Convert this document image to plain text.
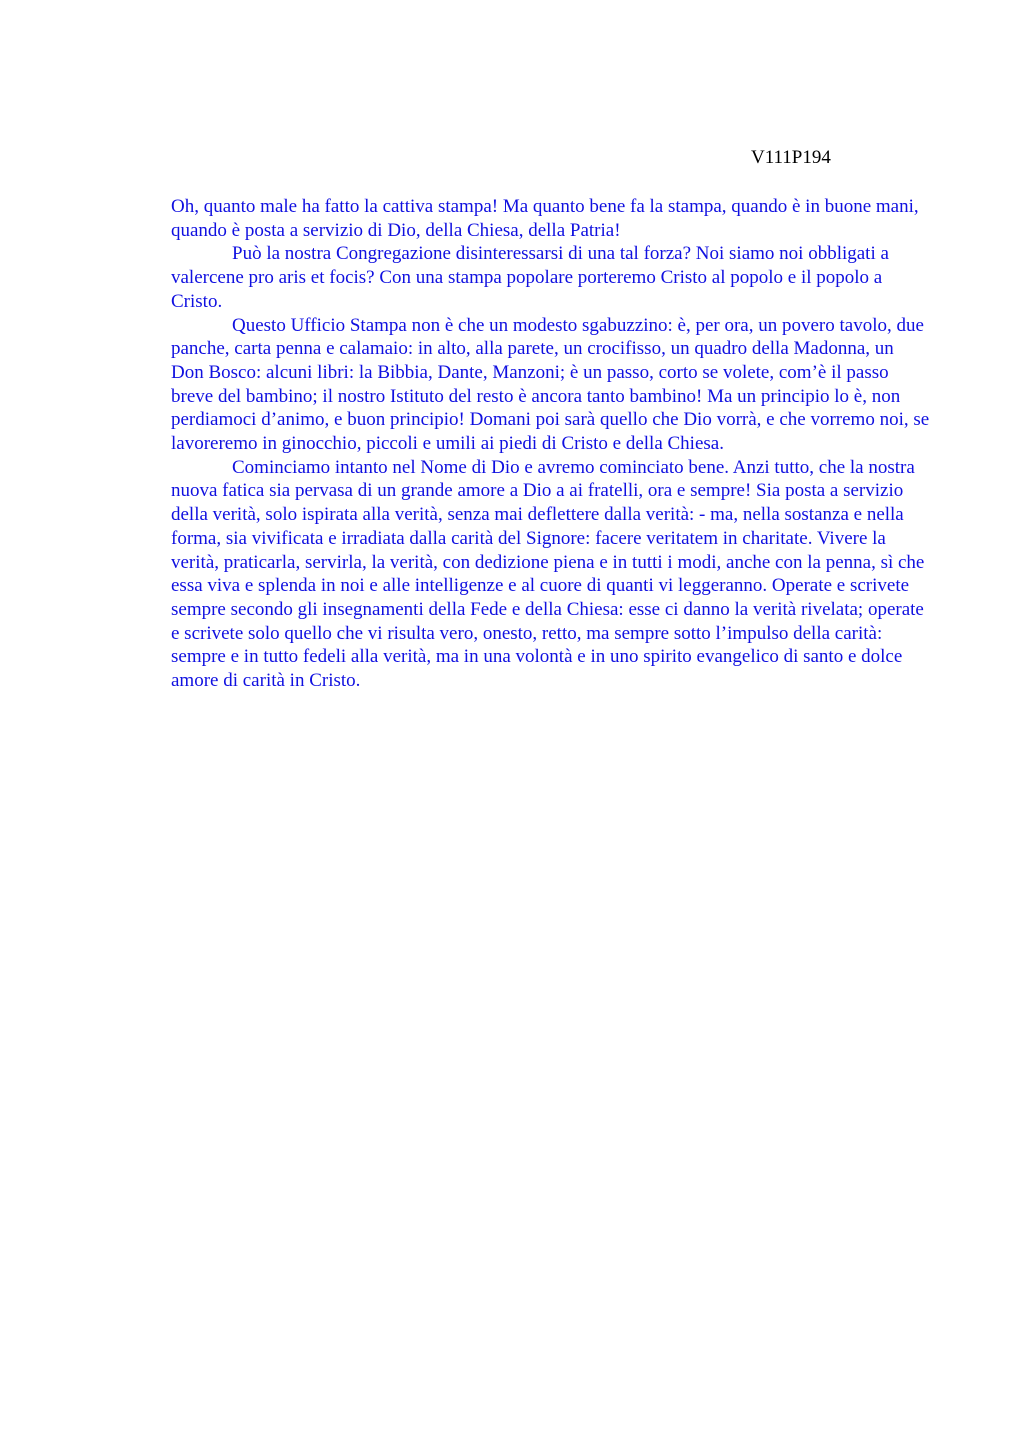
V111P194

Oh, quanto male ha fatto la cattiva stampa! Ma quanto bene fa la stampa, quando è in buone mani, quando è posta a servizio di Dio, della Chiesa, della Patria!

Può la nostra Congregazione disinteressarsi di una tal forza? Noi siamo noi obbligati a valercene pro aris et focis? Con una stampa popolare porteremo Cristo al popolo e il popolo a Cristo.

Questo Ufficio Stampa non è che un modesto sgabuzzino: è, per ora, un povero tavolo, due panche, carta penna e calamaio: in alto, alla parete, un crocifisso, un quadro della Madonna, un Don Bosco: alcuni libri: la Bibbia, Dante, Manzoni; è un passo, corto se volete, com’è il passo breve del bambino; il nostro Istituto del resto è ancora tanto bambino! Ma un principio lo è, non perdiamoci d’animo, e buon principio! Domani poi sarà quello che Dio vorrà, e che vorremo noi, se lavoreremo in ginocchio, piccoli e umili ai piedi di Cristo e della Chiesa.

Cominciamo intanto nel Nome di Dio e avremo cominciato bene. Anzi tutto, che la nostra nuova fatica sia pervasa di un grande amore a Dio a ai fratelli, ora e sempre! Sia posta a servizio della verità, solo ispirata alla verità, senza mai deflettere dalla verità: - ma, nella sostanza e nella forma, sia vivificata e irradiata dalla carità del Signore: facere veritatem in charitate. Vivere la verità, praticarla, servirla, la verità, con dedizione piena e in tutti i modi, anche con la penna, sì che essa viva e splenda in noi e alle intelligenze e al cuore di quanti vi leggeranno. Operate e scrivete sempre secondo gli insegnamenti della Fede e della Chiesa: esse ci danno la verità rivelata; operate e scrivete solo quello che vi risulta vero, onesto, retto, ma sempre sotto l’impulso della carità: sempre e in tutto fedeli alla verità, ma in una volontà e in uno spirito evangelico di santo e dolce amore di carità in Cristo.
